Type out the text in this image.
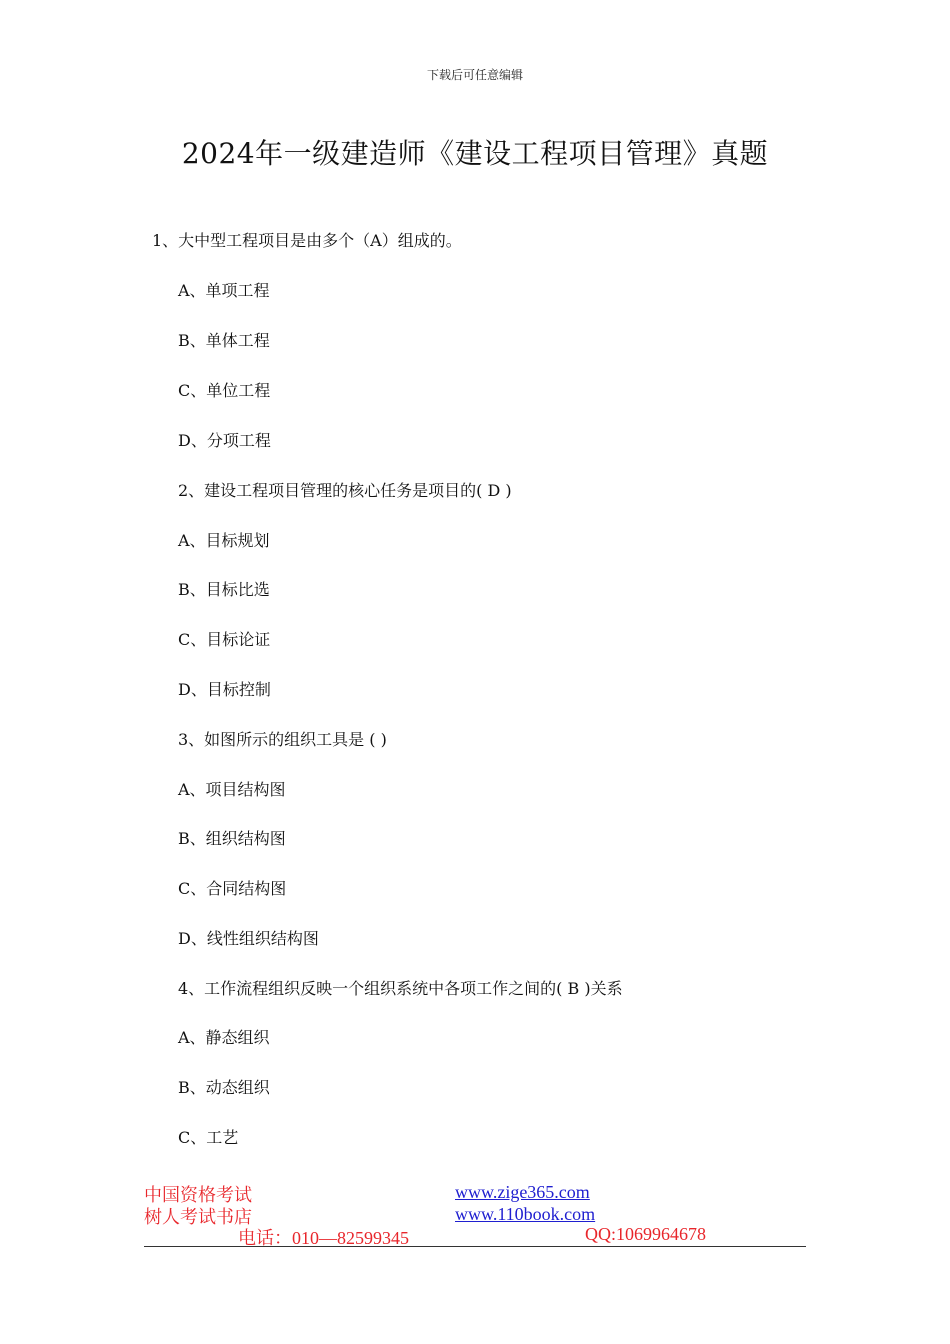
下载后可任意编辑
2024年一级建造师《建设工程项目管理》真题
1、大中型工程项目是由多个（A）组成的。
A、单项工程
B、单体工程
C、单位工程
D、分项工程
2、建设工程项目管理的核心任务是项目的( D )
A、目标规划
B、目标比选
C、目标论证
D、目标控制
3、如图所示的组织工具是 ( )
A、项目结构图
B、组织结构图
C、合同结构图
D、线性组织结构图
4、工作流程组织反映一个组织系统中各项工作之间的( B )关系
A、静态组织
B、动态组织
C、工艺
中国资格考试
树人考试书店
www.zige365.com
www.110book.com
电话：010—82599345	QQ:1069964678
